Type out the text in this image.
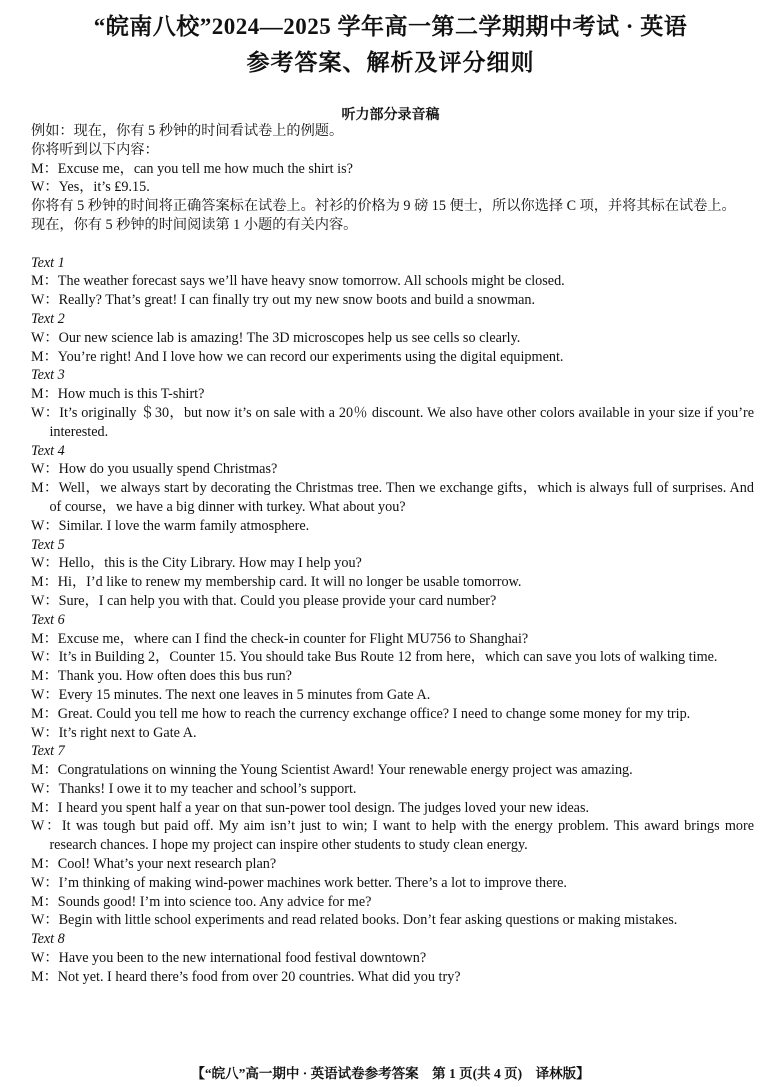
“皖南八校”2024—2025 学年高一第二学期期中考试 · 英语
参考答案、解析及评分细则
听力部分录音稿

例如：现在，你有 5 秒钟的时间看试卷上的例题。

你将听到以下内容：

M：Excuse me，can you tell me how much the shirt is?

W：Yes，it’s ₤9.15.

你将有 5 秒钟的时间将正确答案标在试卷上。衬衫的价格为 9 磅 15 便士，所以你选择 C 项，并将其标在试卷上。

现在，你有 5 秒钟的时间阅读第 1 小题的有关内容。

Text 1

M：The weather forecast says we’ll have heavy snow tomorrow. All schools might be closed.

W：Really? That’s great! I can finally try out my new snow boots and build a snowman.

Text 2

W：Our new science lab is amazing! The 3D microscopes help us see cells so clearly.

M：You’re right! And I love how we can record our experiments using the digital equipment.

Text 3

M：How much is this T-shirt?

W：It’s originally ＄30，but now it’s on sale with a 20％ discount. We also have other colors available in your size if you’re interested.

Text 4

W：How do you usually spend Christmas?

M：Well，we always start by decorating the Christmas tree. Then we exchange gifts，which is always full of surprises. And of course，we have a big dinner with turkey. What about you?

W：Similar. I love the warm family atmosphere.

Text 5

W：Hello，this is the City Library. How may I help you?

M：Hi，I’d like to renew my membership card. It will no longer be usable tomorrow.

W：Sure，I can help you with that. Could you please provide your card number?

Text 6

M：Excuse me，where can I find the check-in counter for Flight MU756 to Shanghai?

W：It’s in Building 2，Counter 15. You should take Bus Route 12 from here，which can save you lots of walking time.

M：Thank you. How often does this bus run?

W：Every 15 minutes. The next one leaves in 5 minutes from Gate A.

M：Great. Could you tell me how to reach the currency exchange office? I need to change some money for my trip.

W：It’s right next to Gate A.

Text 7

M：Congratulations on winning the Young Scientist Award! Your renewable energy project was amazing.

W：Thanks! I owe it to my teacher and school’s support.

M：I heard you spent half a year on that sun-power tool design. The judges loved your new ideas.

W：It was tough but paid off. My aim isn’t just to win; I want to help with the energy problem. This award brings more research chances. I hope my project can inspire other students to study clean energy.

M：Cool! What’s your next research plan?

W：I’m thinking of making wind-power machines work better. There’s a lot to improve there.

M：Sounds good! I’m into science too. Any advice for me?

W：Begin with little school experiments and read related books. Don’t fear asking questions or making mistakes.

Text 8

W：Have you been to the new international food festival downtown?

M：Not yet. I heard there’s food from over 20 countries. What did you try?

【“皖八”高一期中 · 英语试卷参考答案　第 1 页(共 4 页)　译林版】
